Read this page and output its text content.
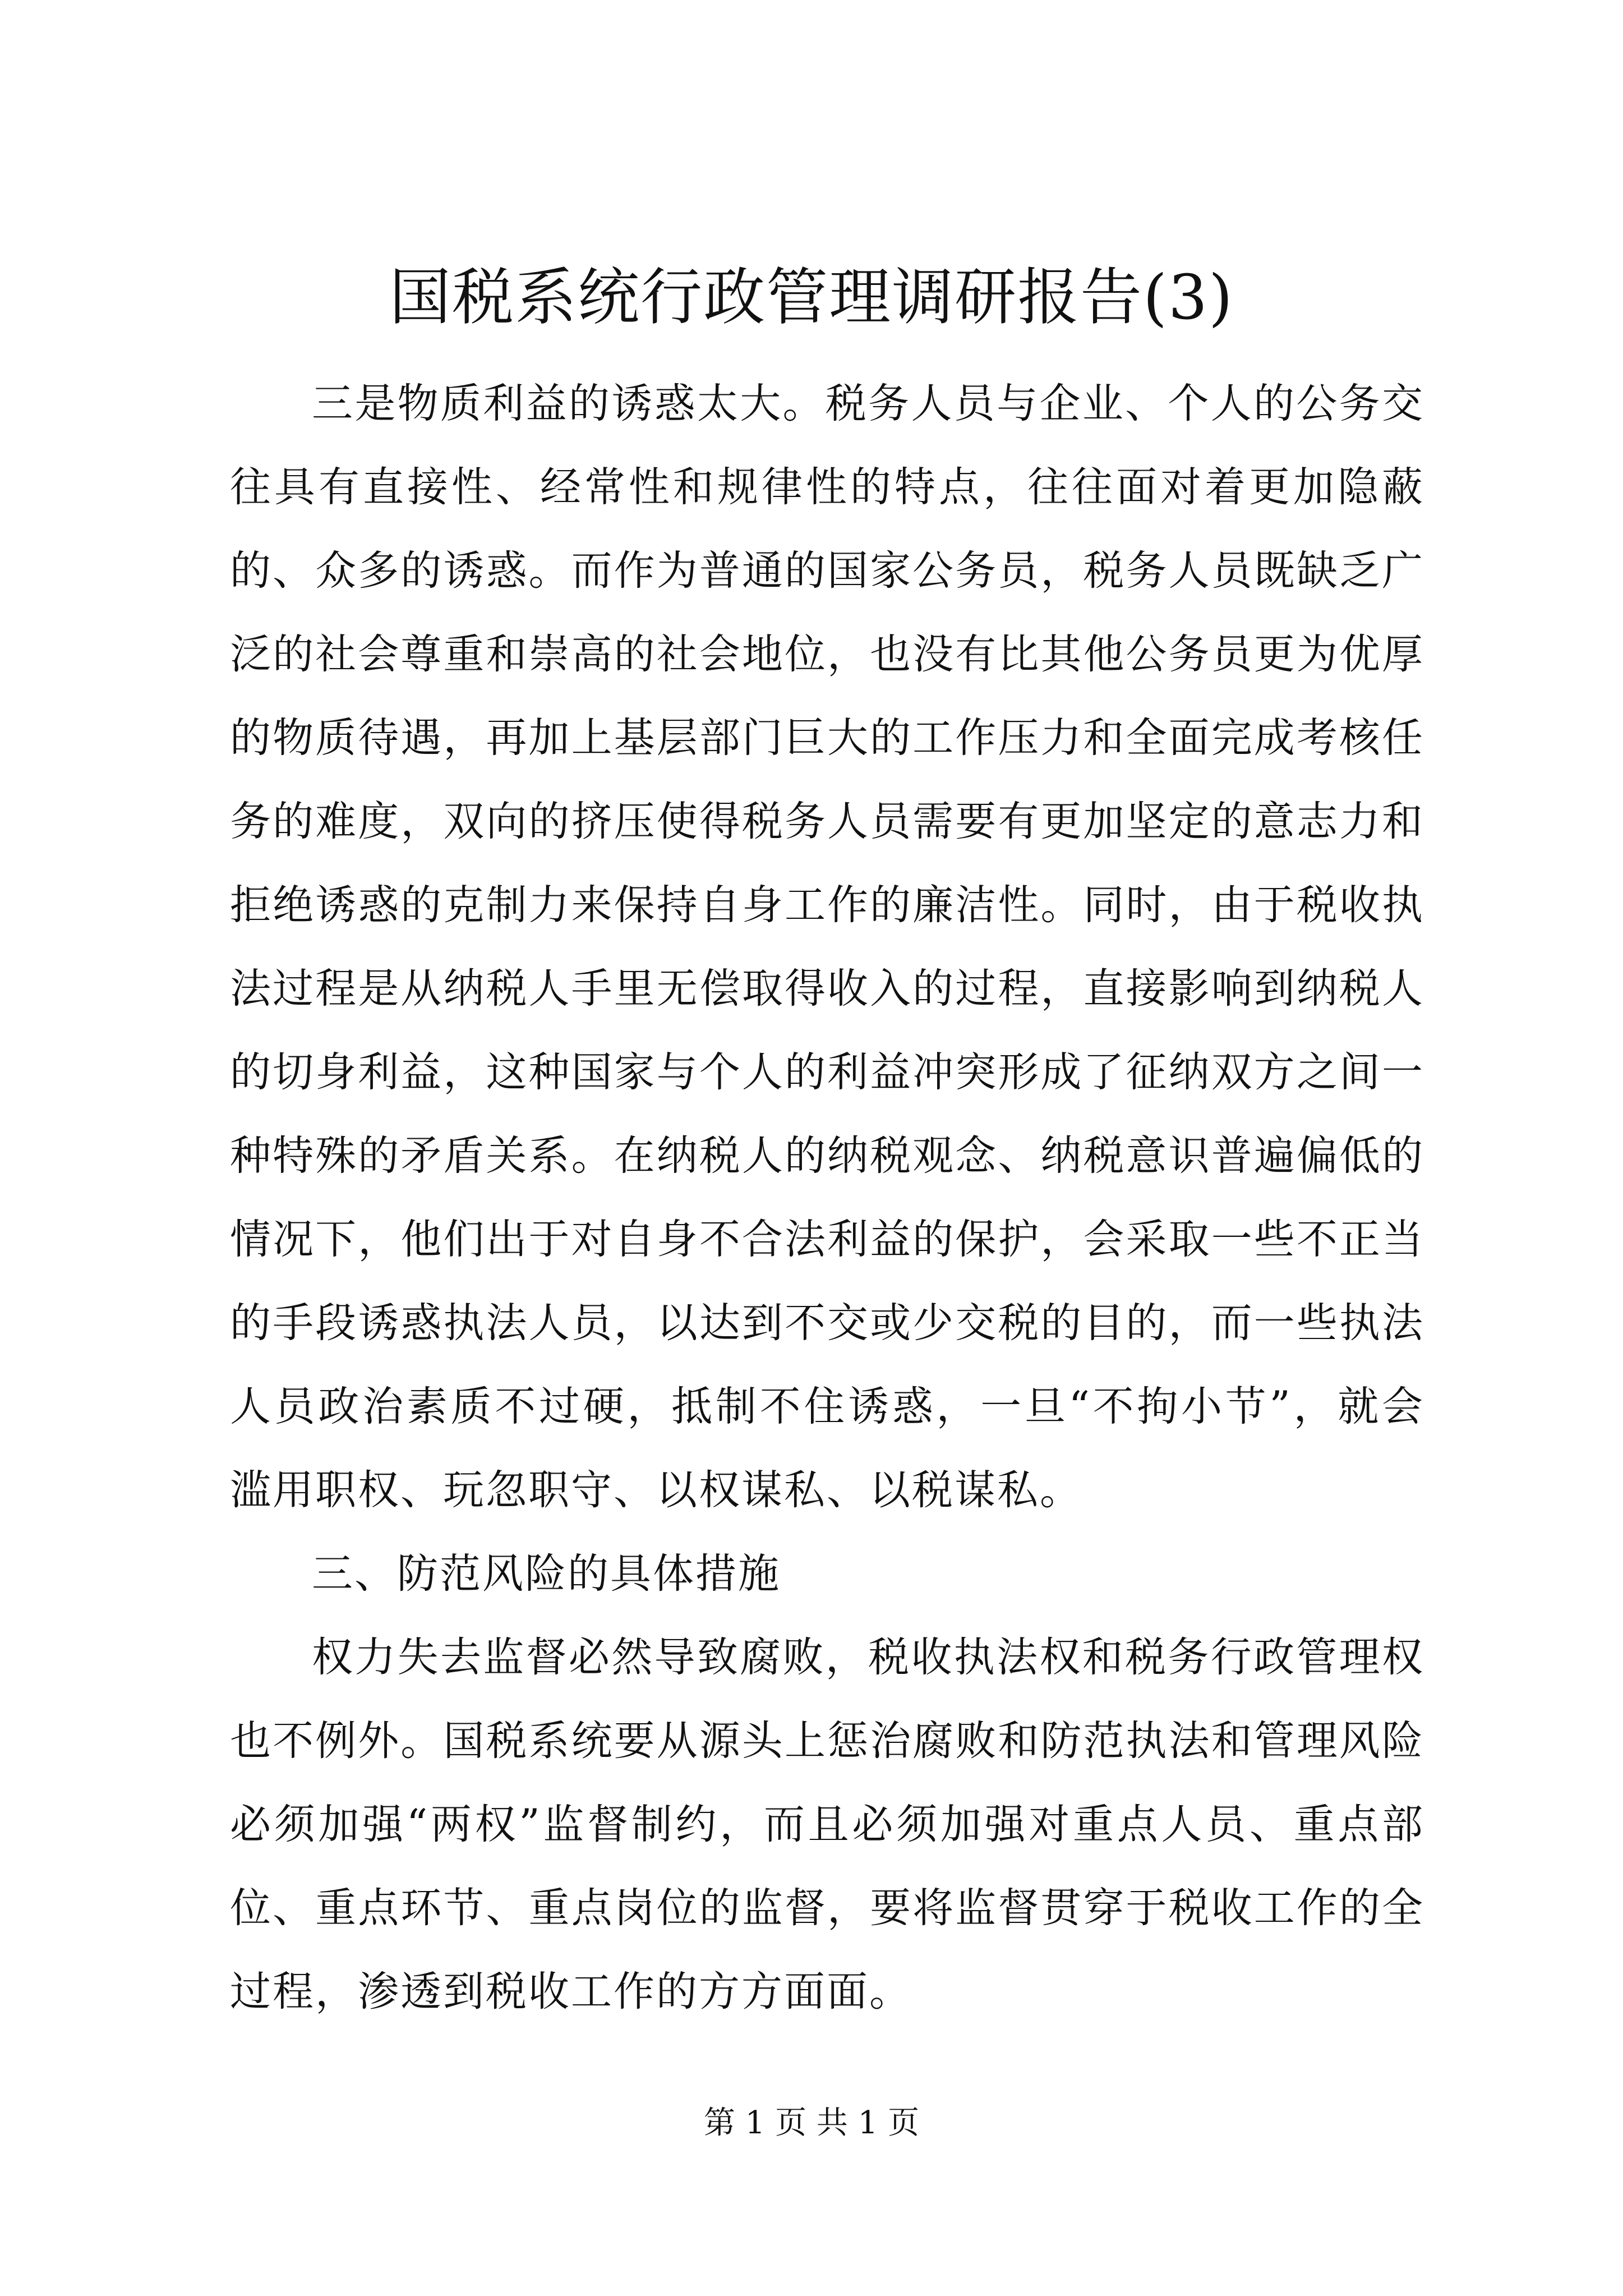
国税系统行政管理调研报告(3)

三是物质利益的诱惑太大。税务人员与企业、个人的公务交往具有直接性、经常性和规律性的特点，往往面对着更加隐蔽的、众多的诱惑。而作为普通的国家公务员，税务人员既缺乏广泛的社会尊重和崇高的社会地位，也没有比其他公务员更为优厚的物质待遇，再加上基层部门巨大的工作压力和全面完成考核任务的难度，双向的挤压使得税务人员需要有更加坚定的意志力和拒绝诱惑的克制力来保持自身工作的廉洁性。同时，由于税收执法过程是从纳税人手里无偿取得收入的过程，直接影响到纳税人的切身利益，这种国家与个人的利益冲突形成了征纳双方之间一种特殊的矛盾关系。在纳税人的纳税观念、纳税意识普遍偏低的情况下，他们出于对自身不合法利益的保护，会采取一些不正当的手段诱惑执法人员，以达到不交或少交税的目的，而一些执法人员政治素质不过硬，抵制不住诱惑，一旦“不拘小节”，就会滥用职权、玩忽职守、以权谋私、以税谋私。

三、防范风险的具体措施

权力失去监督必然导致腐败，税收执法权和税务行政管理权也不例外。国税系统要从源头上惩治腐败和防范执法和管理风险必须加强“两权”监督制约，而且必须加强对重点人员、重点部位、重点环节、重点岗位的监督，要将监督贯穿于税收工作的全过程，渗透到税收工作的方方面面。

第 1 页 共 1 页
